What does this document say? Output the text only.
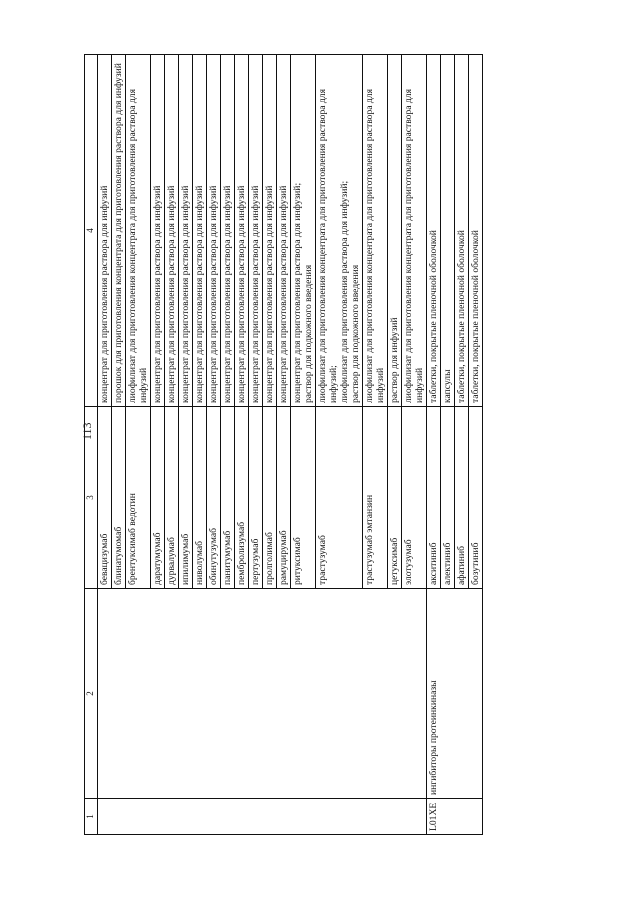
113
1	2	3	4
		бевацизумаб	концентрат для приготовления раствора для инфузий
		блинатумомаб	порошок для приготовления концентрата для приготовления раствора для инфузий
		брентуксимаб ведотин	лиофилизат для приготовления концентрата для приготовления раствора для инфузий
		даратумумаб	концентрат для приготовления раствора для инфузий
		дурвалумаб	концентрат для приготовления раствора для инфузий
		ипилимумаб	концентрат для приготовления раствора для инфузий
		ниволумаб	концентрат для приготовления раствора для инфузий
		обинутузумаб	концентрат для приготовления раствора для инфузий
		панитумумаб	концентрат для приготовления раствора для инфузий
		пембролизумаб	концентрат для приготовления раствора для инфузий
		пертузумаб	концентрат для приготовления раствора для инфузий
		пролголимаб	концентрат для приготовления раствора для инфузий
		рамуцирумаб	концентрат для приготовления раствора для инфузий
		ритуксимаб	концентрат для приготовления раствора для инфузий;
раствор для подкожного введения
		трастузумаб	лиофилизат для приготовления концентрата для приготовления раствора для инфузий;
лиофилизат для приготовления раствора для инфузий;
раствор для подкожного введения
		трастузумаб эмтанзин	лиофилизат для приготовления концентрата для приготовления раствора для инфузий
		цетуксимаб	раствор для инфузий
		элотузумаб	лиофилизат для приготовления концентрата для приготовления раствора для инфузий
L01XE	ингибиторы протеинкиназы	акситиниб	таблетки, покрытые пленочной оболочкой
		алектиниб	капсулы
		афатиниб	таблетки, покрытые пленочной оболочкой
		бозутиниб	таблетки, покрытые пленочной оболочкой
